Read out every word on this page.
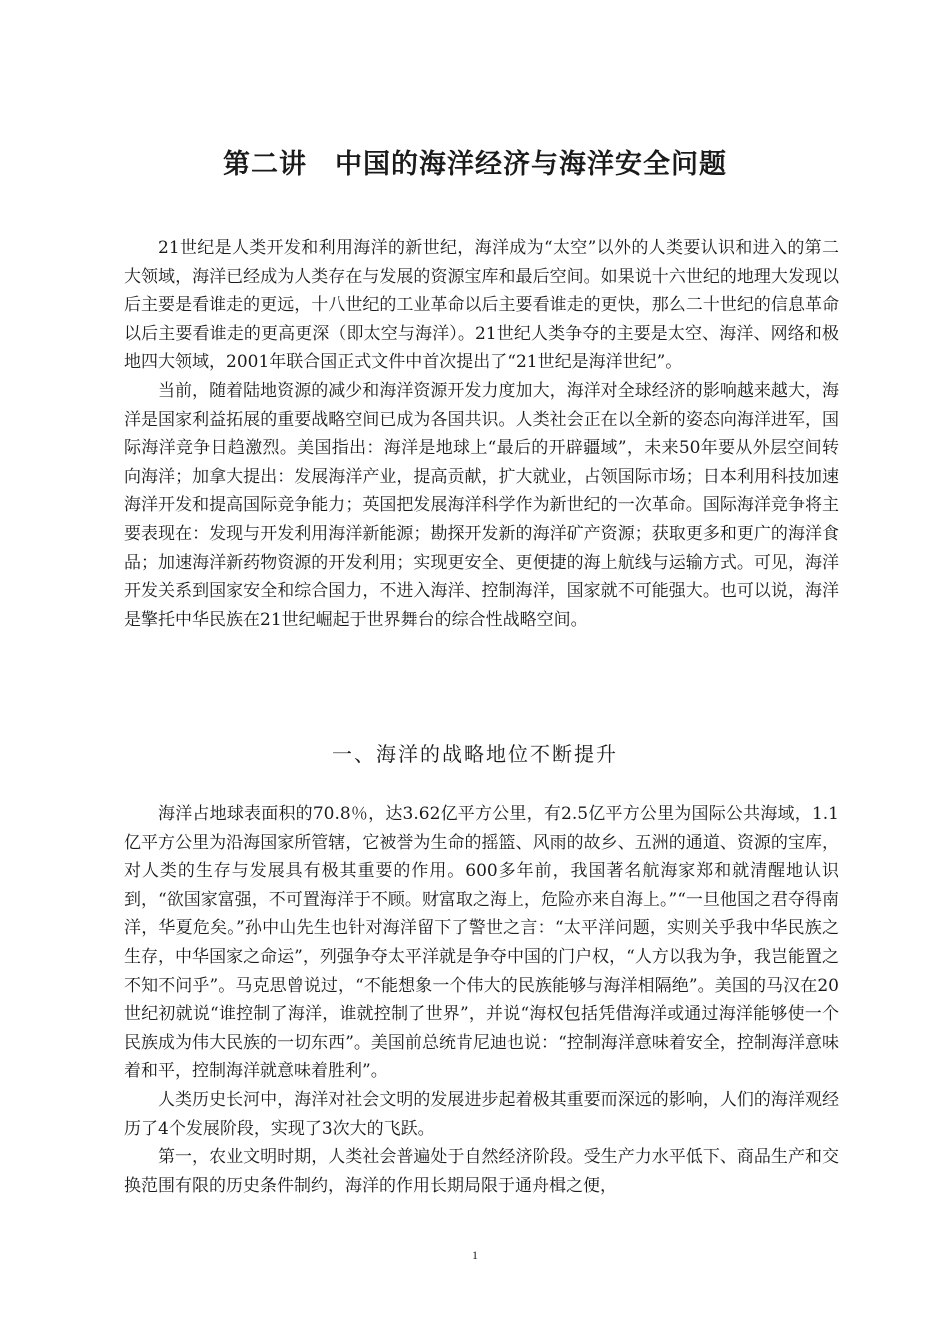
第二讲　中国的海洋经济与海洋安全问题

21世纪是人类开发和利用海洋的新世纪，海洋成为“太空”以外的人类要认识和进入的第二大领域，海洋已经成为人类存在与发展的资源宝库和最后空间。如果说十六世纪的地理大发现以后主要是看谁走的更远，十八世纪的工业革命以后主要看谁走的更快，那么二十世纪的信息革命以后主要看谁走的更高更深（即太空与海洋）。21世纪人类争夺的主要是太空、海洋、网络和极地四大领域，2001年联合国正式文件中首次提出了“21世纪是海洋世纪”。

当前，随着陆地资源的减少和海洋资源开发力度加大，海洋对全球经济的影响越来越大，海洋是国家利益拓展的重要战略空间已成为各国共识。人类社会正在以全新的姿态向海洋进军，国际海洋竞争日趋激烈。美国指出：海洋是地球上“最后的开辟疆域”，未来50年要从外层空间转向海洋；加拿大提出：发展海洋产业，提高贡献，扩大就业，占领国际市场；日本利用科技加速海洋开发和提高国际竞争能力；英国把发展海洋科学作为新世纪的一次革命。国际海洋竞争将主要表现在：发现与开发利用海洋新能源；勘探开发新的海洋矿产资源；获取更多和更广的海洋食品；加速海洋新药物资源的开发利用；实现更安全、更便捷的海上航线与运输方式。可见，海洋开发关系到国家安全和综合国力，不进入海洋、控制海洋，国家就不可能强大。也可以说，海洋是擎托中华民族在21世纪崛起于世界舞台的综合性战略空间。

一、海洋的战略地位不断提升

海洋占地球表面积的70.8％，达3.62亿平方公里，有2.5亿平方公里为国际公共海域，1.1亿平方公里为沿海国家所管辖，它被誉为生命的摇篮、风雨的故乡、五洲的通道、资源的宝库，对人类的生存与发展具有极其重要的作用。600多年前，我国著名航海家郑和就清醒地认识到，“欲国家富强，不可置海洋于不顾。财富取之海上，危险亦来自海上。”“一旦他国之君夺得南洋，华夏危矣。”孙中山先生也针对海洋留下了警世之言：“太平洋问题，实则关乎我中华民族之生存，中华国家之命运”，列强争夺太平洋就是争夺中国的门户权，“人方以我为争，我岂能置之不知不问乎”。马克思曾说过，“不能想象一个伟大的民族能够与海洋相隔绝”。美国的马汉在20世纪初就说“谁控制了海洋，谁就控制了世界”，并说“海权包括凭借海洋或通过海洋能够使一个民族成为伟大民族的一切东西”。美国前总统肯尼迪也说：“控制海洋意味着安全，控制海洋意味着和平，控制海洋就意味着胜利”。

人类历史长河中，海洋对社会文明的发展进步起着极其重要而深远的影响，人们的海洋观经历了4个发展阶段，实现了3次大的飞跃。

第一，农业文明时期，人类社会普遍处于自然经济阶段。受生产力水平低下、商品生产和交换范围有限的历史条件制约，海洋的作用长期局限于通舟楫之便，

1
